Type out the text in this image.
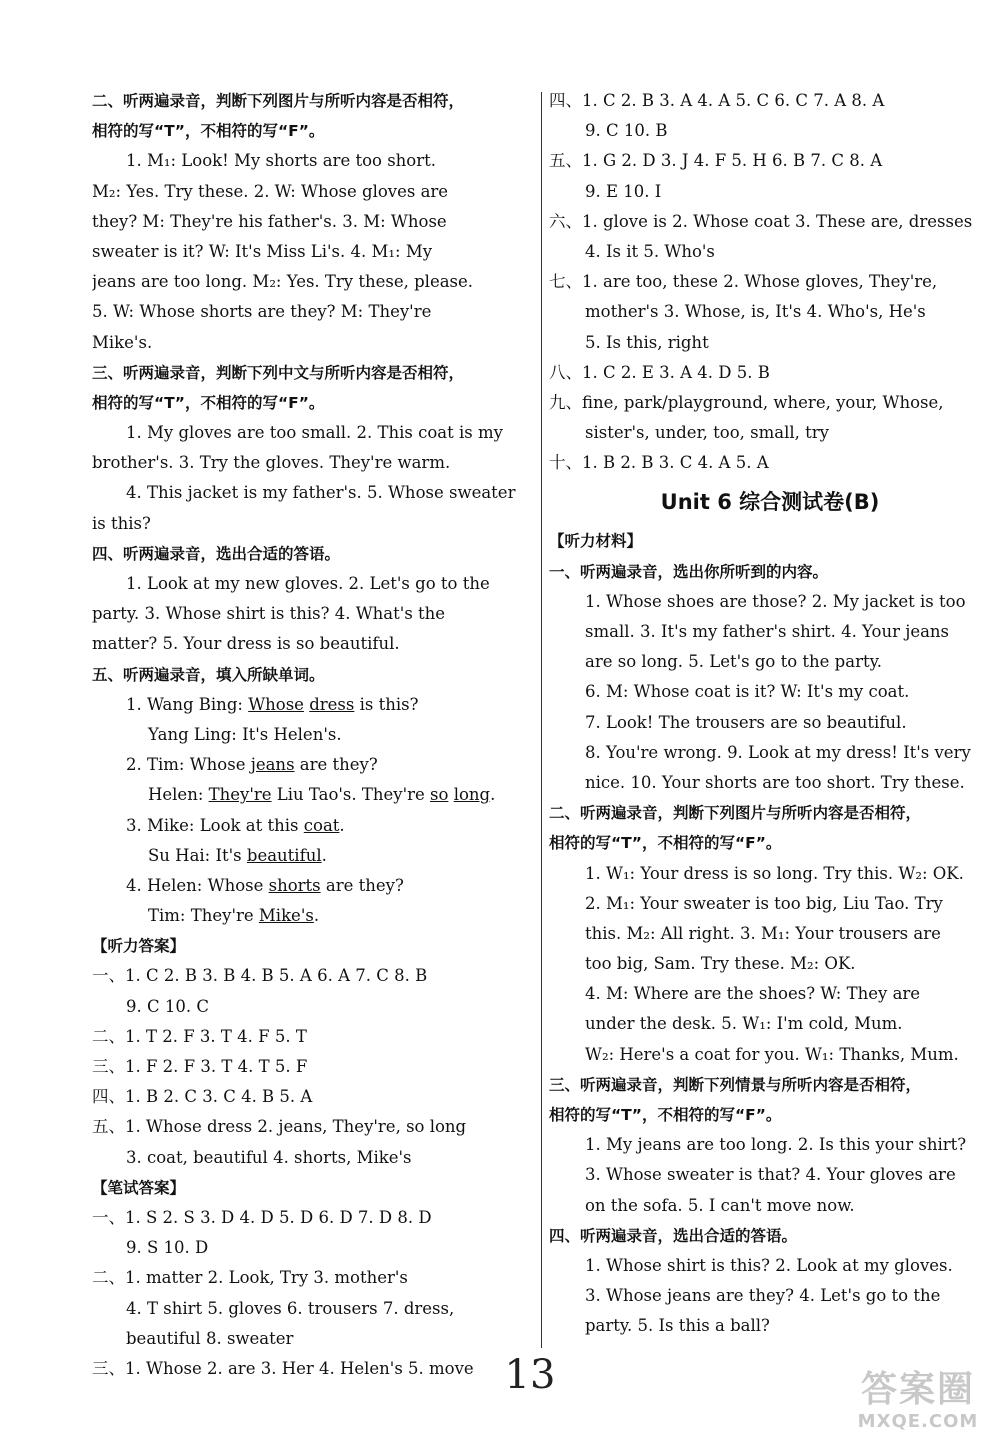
二、听两遍录音，判断下列图片与所听内容是否相符，
相符的写“T”，不相符的写“F”。
1. M₁: Look! My shorts are too short.
M₂: Yes. Try these. 2. W: Whose gloves are
they? M: They're his father's. 3. M: Whose
sweater is it? W: It's Miss Li's. 4. M₁: My
jeans are too long. M₂: Yes. Try these, please.
5. W: Whose shorts are they? M: They're
Mike's.
三、听两遍录音，判断下列中文与所听内容是否相符，
相符的写“T”，不相符的写“F”。
1. My gloves are too small. 2. This coat is my
brother's. 3. Try the gloves. They're warm.
4. This jacket is my father's. 5. Whose sweater
is this?
四、听两遍录音，选出合适的答语。
1. Look at my new gloves. 2. Let's go to the
party. 3. Whose shirt is this? 4. What's the
matter? 5. Your dress is so beautiful.
五、听两遍录音，填入所缺单词。
1. Wang Bing: Whose dress is this?
Yang Ling: It's Helen's.
2. Tim: Whose jeans are they?
Helen: They're Liu Tao's. They're so long.
3. Mike: Look at this coat.
Su Hai: It's beautiful.
4. Helen: Whose shorts are they?
Tim: They're Mike's.
【听力答案】
一、1. C 2. B 3. B 4. B 5. A 6. A 7. C 8. B
9. C 10. C
二、1. T 2. F 3. T 4. F 5. T
三、1. F 2. F 3. T 4. T 5. F
四、1. B 2. C 3. C 4. B 5. A
五、1. Whose dress 2. jeans, They're, so long
3. coat, beautiful 4. shorts, Mike's
【笔试答案】
一、1. S 2. S 3. D 4. D 5. D 6. D 7. D 8. D
9. S 10. D
二、1. matter 2. Look, Try 3. mother's
4. T shirt 5. gloves 6. trousers 7. dress,
beautiful 8. sweater
三、1. Whose 2. are 3. Her 4. Helen's 5. move
四、1. C 2. B 3. A 4. A 5. C 6. C 7. A 8. A
9. C 10. B
五、1. G 2. D 3. J 4. F 5. H 6. B 7. C 8. A
9. E 10. I
六、1. glove is 2. Whose coat 3. These are, dresses
4. Is it 5. Who's
七、1. are too, these 2. Whose gloves, They're,
mother's 3. Whose, is, It's 4. Who's, He's
5. Is this, right
八、1. C 2. E 3. A 4. D 5. B
九、fine, park/playground, where, your, Whose,
sister's, under, too, small, try
十、1. B 2. B 3. C 4. A 5. A
Unit 6 综合测试卷(B)
【听力材料】
一、听两遍录音，选出你所听到的内容。
1. Whose shoes are those? 2. My jacket is too
small. 3. It's my father's shirt. 4. Your jeans
are so long. 5. Let's go to the party.
6. M: Whose coat is it? W: It's my coat.
7. Look! The trousers are so beautiful.
8. You're wrong. 9. Look at my dress! It's very
nice. 10. Your shorts are too short. Try these.
二、听两遍录音，判断下列图片与所听内容是否相符，
相符的写“T”，不相符的写“F”。
1. W₁: Your dress is so long. Try this. W₂: OK.
2. M₁: Your sweater is too big, Liu Tao. Try
this. M₂: All right. 3. M₁: Your trousers are
too big, Sam. Try these. M₂: OK.
4. M: Where are the shoes? W: They are
under the desk. 5. W₁: I'm cold, Mum.
W₂: Here's a coat for you. W₁: Thanks, Mum.
三、听两遍录音，判断下列情景与所听内容是否相符，
相符的写“T”，不相符的写“F”。
1. My jeans are too long. 2. Is this your shirt?
3. Whose sweater is that? 4. Your gloves are
on the sofa. 5. I can't move now.
四、听两遍录音，选出合适的答语。
1. Whose shirt is this? 2. Look at my gloves.
3. Whose jeans are they? 4. Let's go to the
party. 5. Is this a ball?
13	答案圈
MXQE.COM
